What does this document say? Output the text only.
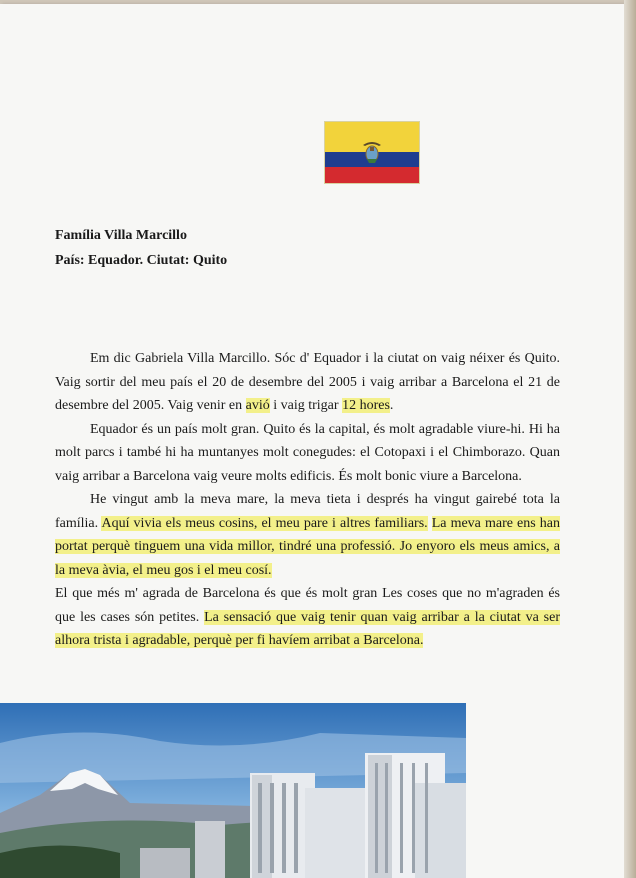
Família Villa Marcillo
País: Equador. Ciutat: Quito

Em dic Gabriela Villa Marcillo. Sóc d' Equador i la ciutat on vaig néixer és Quito. Vaig sortir del meu país el 20 de desembre del 2005 i vaig arribar a Barcelona el 21 de desembre del 2005. Vaig venir en avió i vaig trigar 12 hores.

Equador és un país molt gran. Quito és la capital, és molt agradable viure-hi. Hi ha molt parcs i també hi ha muntanyes molt conegudes: el Cotopaxi i el Chimborazo. Quan vaig arribar a Barcelona vaig veure molts edificis. És molt bonic viure a Barcelona.

He vingut amb la meva mare, la meva tieta i després ha vingut gairebé tota la família. Aquí vivia els meus cosins, el meu pare i altres familiars. La meva mare ens han portat perquè tinguem una vida millor, tindré una professió. Jo enyoro els meus amics, a la meva àvia, el meu gos i el meu cosí.

El que més m' agrada de Barcelona és que és molt gran Les coses que no m'agraden és que les cases són petites. La sensació que vaig tenir quan vaig arribar a la ciutat va ser alhora trista i agradable, perquè per fi havíem arribat a Barcelona.
